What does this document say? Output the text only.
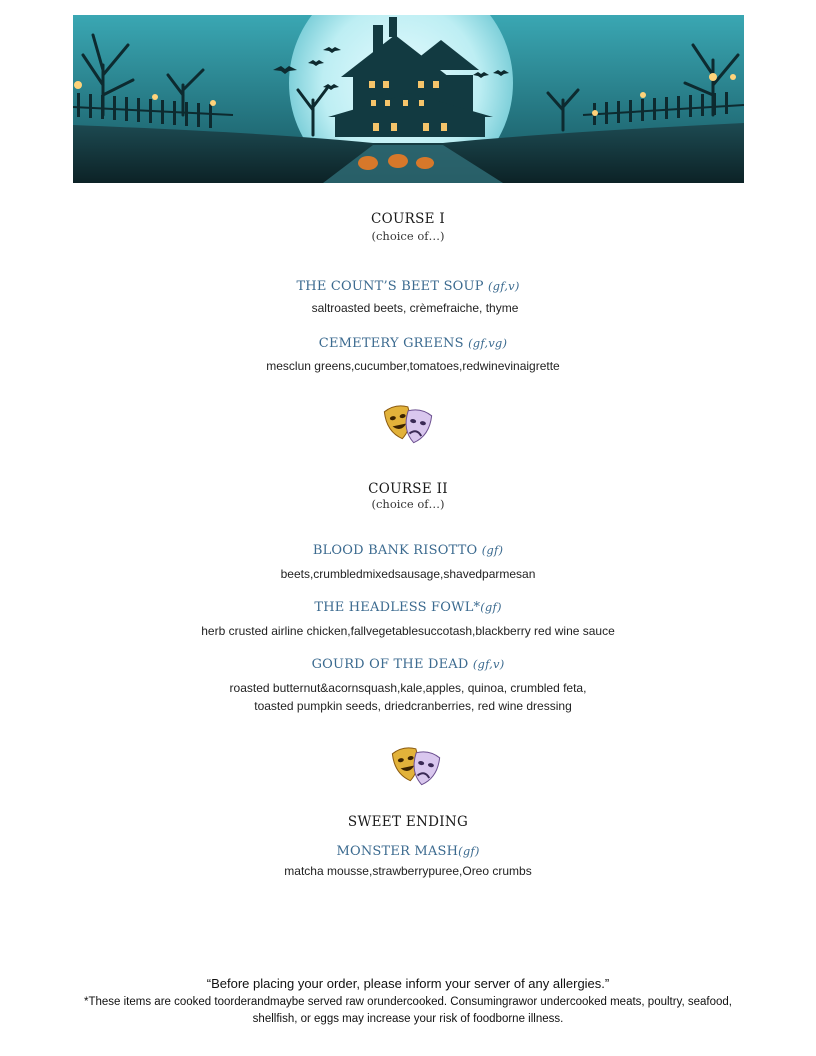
COURSE I
(choice of…)
THE COUNT’S BEET SOUP (gf,v)
saltroasted beets, crèmefraiche, thyme
CEMETERY GREENS (gf,vg)
mesclun greens,cucumber,tomatoes,redwinevinaigrette
COURSE II
(choice of…)
BLOOD BANK RISOTTO (gf)
beets,crumbledmixedsausage,shavedparmesan
THE HEADLESS FOWL*(gf)
herb crusted airline chicken,fallvegetablesuccotash,blackberry red wine sauce
GOURD OF THE DEAD (gf,v)
roasted butternut&acornsquash,kale,apples, quinoa, crumbled feta,
toasted pumpkin seeds, driedcranberries, red wine dressing
SWEET ENDING
MONSTER MASH(gf)
matcha mousse,strawberrypuree,Oreo crumbs
“Before placing your order, please inform your server of any allergies.”
*These items are cooked toorderandmaybe served raw orundercooked. Consumingrawor undercooked meats, poultry, seafood,
shellfish, or eggs may increase your risk of foodborne illness.
